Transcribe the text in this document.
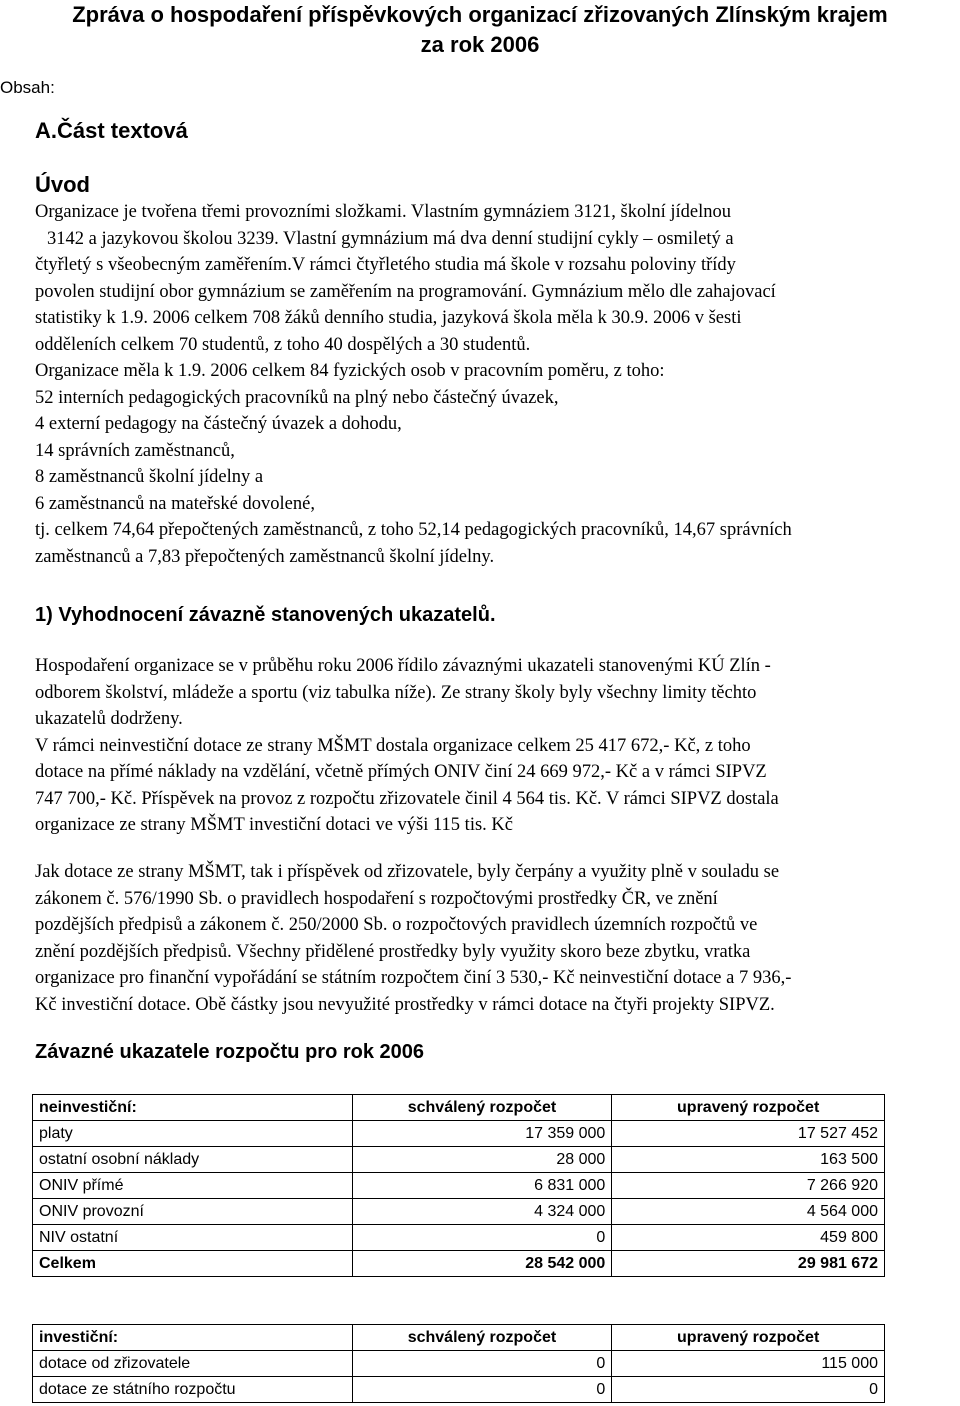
Zpráva o hospodaření příspěvkových organizací zřizovaných Zlínským krajem
za rok 2006
Obsah:
A.Část textová
Úvod

Organizace je tvořena třemi provozními složkami. Vlastním gymnáziem 3121, školní jídelnou

3142 a jazykovou školou 3239. Vlastní gymnázium má dva denní studijní cykly – osmiletý a

čtyřletý s všeobecným zaměřením.V rámci čtyřletého studia má škole v rozsahu poloviny třídy

povolen studijní obor gymnázium se zaměřením na programování. Gymnázium mělo dle zahajovací

statistiky k 1.9. 2006 celkem 708 žáků denního studia, jazyková škola měla k 30.9. 2006 v šesti

odděleních celkem 70 studentů, z toho 40 dospělých a 30 studentů.

Organizace měla k 1.9. 2006 celkem 84 fyzických osob v pracovním poměru, z toho:

52 interních pedagogických pracovníků na plný nebo částečný úvazek,

4 externí pedagogy na částečný úvazek a dohodu,

14 správních zaměstnanců,

8 zaměstnanců školní jídelny a

6 zaměstnanců na mateřské dovolené,

tj. celkem 74,64 přepočtených zaměstnanců, z toho 52,14 pedagogických pracovníků, 14,67 správních

zaměstnanců a 7,83 přepočtených zaměstnanců školní jídelny.

1) Vyhodnocení závazně stanovených ukazatelů.

Hospodaření organizace se v průběhu roku 2006 řídilo závaznými ukazateli stanovenými KÚ Zlín -

odborem školství, mládeže a sportu (viz tabulka níže). Ze strany školy byly všechny limity těchto

ukazatelů dodrženy.

V rámci neinvestiční dotace ze strany MŠMT dostala organizace celkem 25 417 672,- Kč, z toho

dotace na přímé náklady na vzdělání, včetně přímých ONIV činí 24 669 972,- Kč a v rámci SIPVZ

747 700,- Kč. Příspěvek na provoz z rozpočtu zřizovatele činil 4 564 tis. Kč. V rámci SIPVZ dostala

organizace ze strany MŠMT investiční dotaci ve výši 115 tis. Kč

Jak dotace ze strany MŠMT, tak i příspěvek od zřizovatele, byly čerpány a využity plně v souladu se

zákonem č. 576/1990 Sb. o pravidlech hospodaření s rozpočtovými prostředky ČR, ve znění

pozdějších předpisů a zákonem č. 250/2000 Sb. o rozpočtových pravidlech územních rozpočtů ve

znění pozdějších předpisů. Všechny přidělené prostředky byly využity skoro beze zbytku, vratka

organizace pro finanční vypořádání se státním rozpočtem činí 3 530,- Kč neinvestiční dotace a 7 936,-

Kč investiční dotace. Obě částky jsou nevyužité prostředky v rámci dotace na čtyři projekty SIPVZ.

Závazné ukazatele rozpočtu pro rok 2006
neinvestiční:	schválený rozpočet	upravený rozpočet
platy	17 359 000	17 527 452
ostatní osobní náklady	28 000	163 500
ONIV přímé	6 831 000	7 266 920
ONIV provozní	4 324 000	4 564 000
NIV ostatní	0	459 800
Celkem	28 542 000	29 981 672
investiční:	schválený rozpočet	upravený rozpočet
dotace od zřizovatele	0	115 000
dotace ze státního rozpočtu	0	0
